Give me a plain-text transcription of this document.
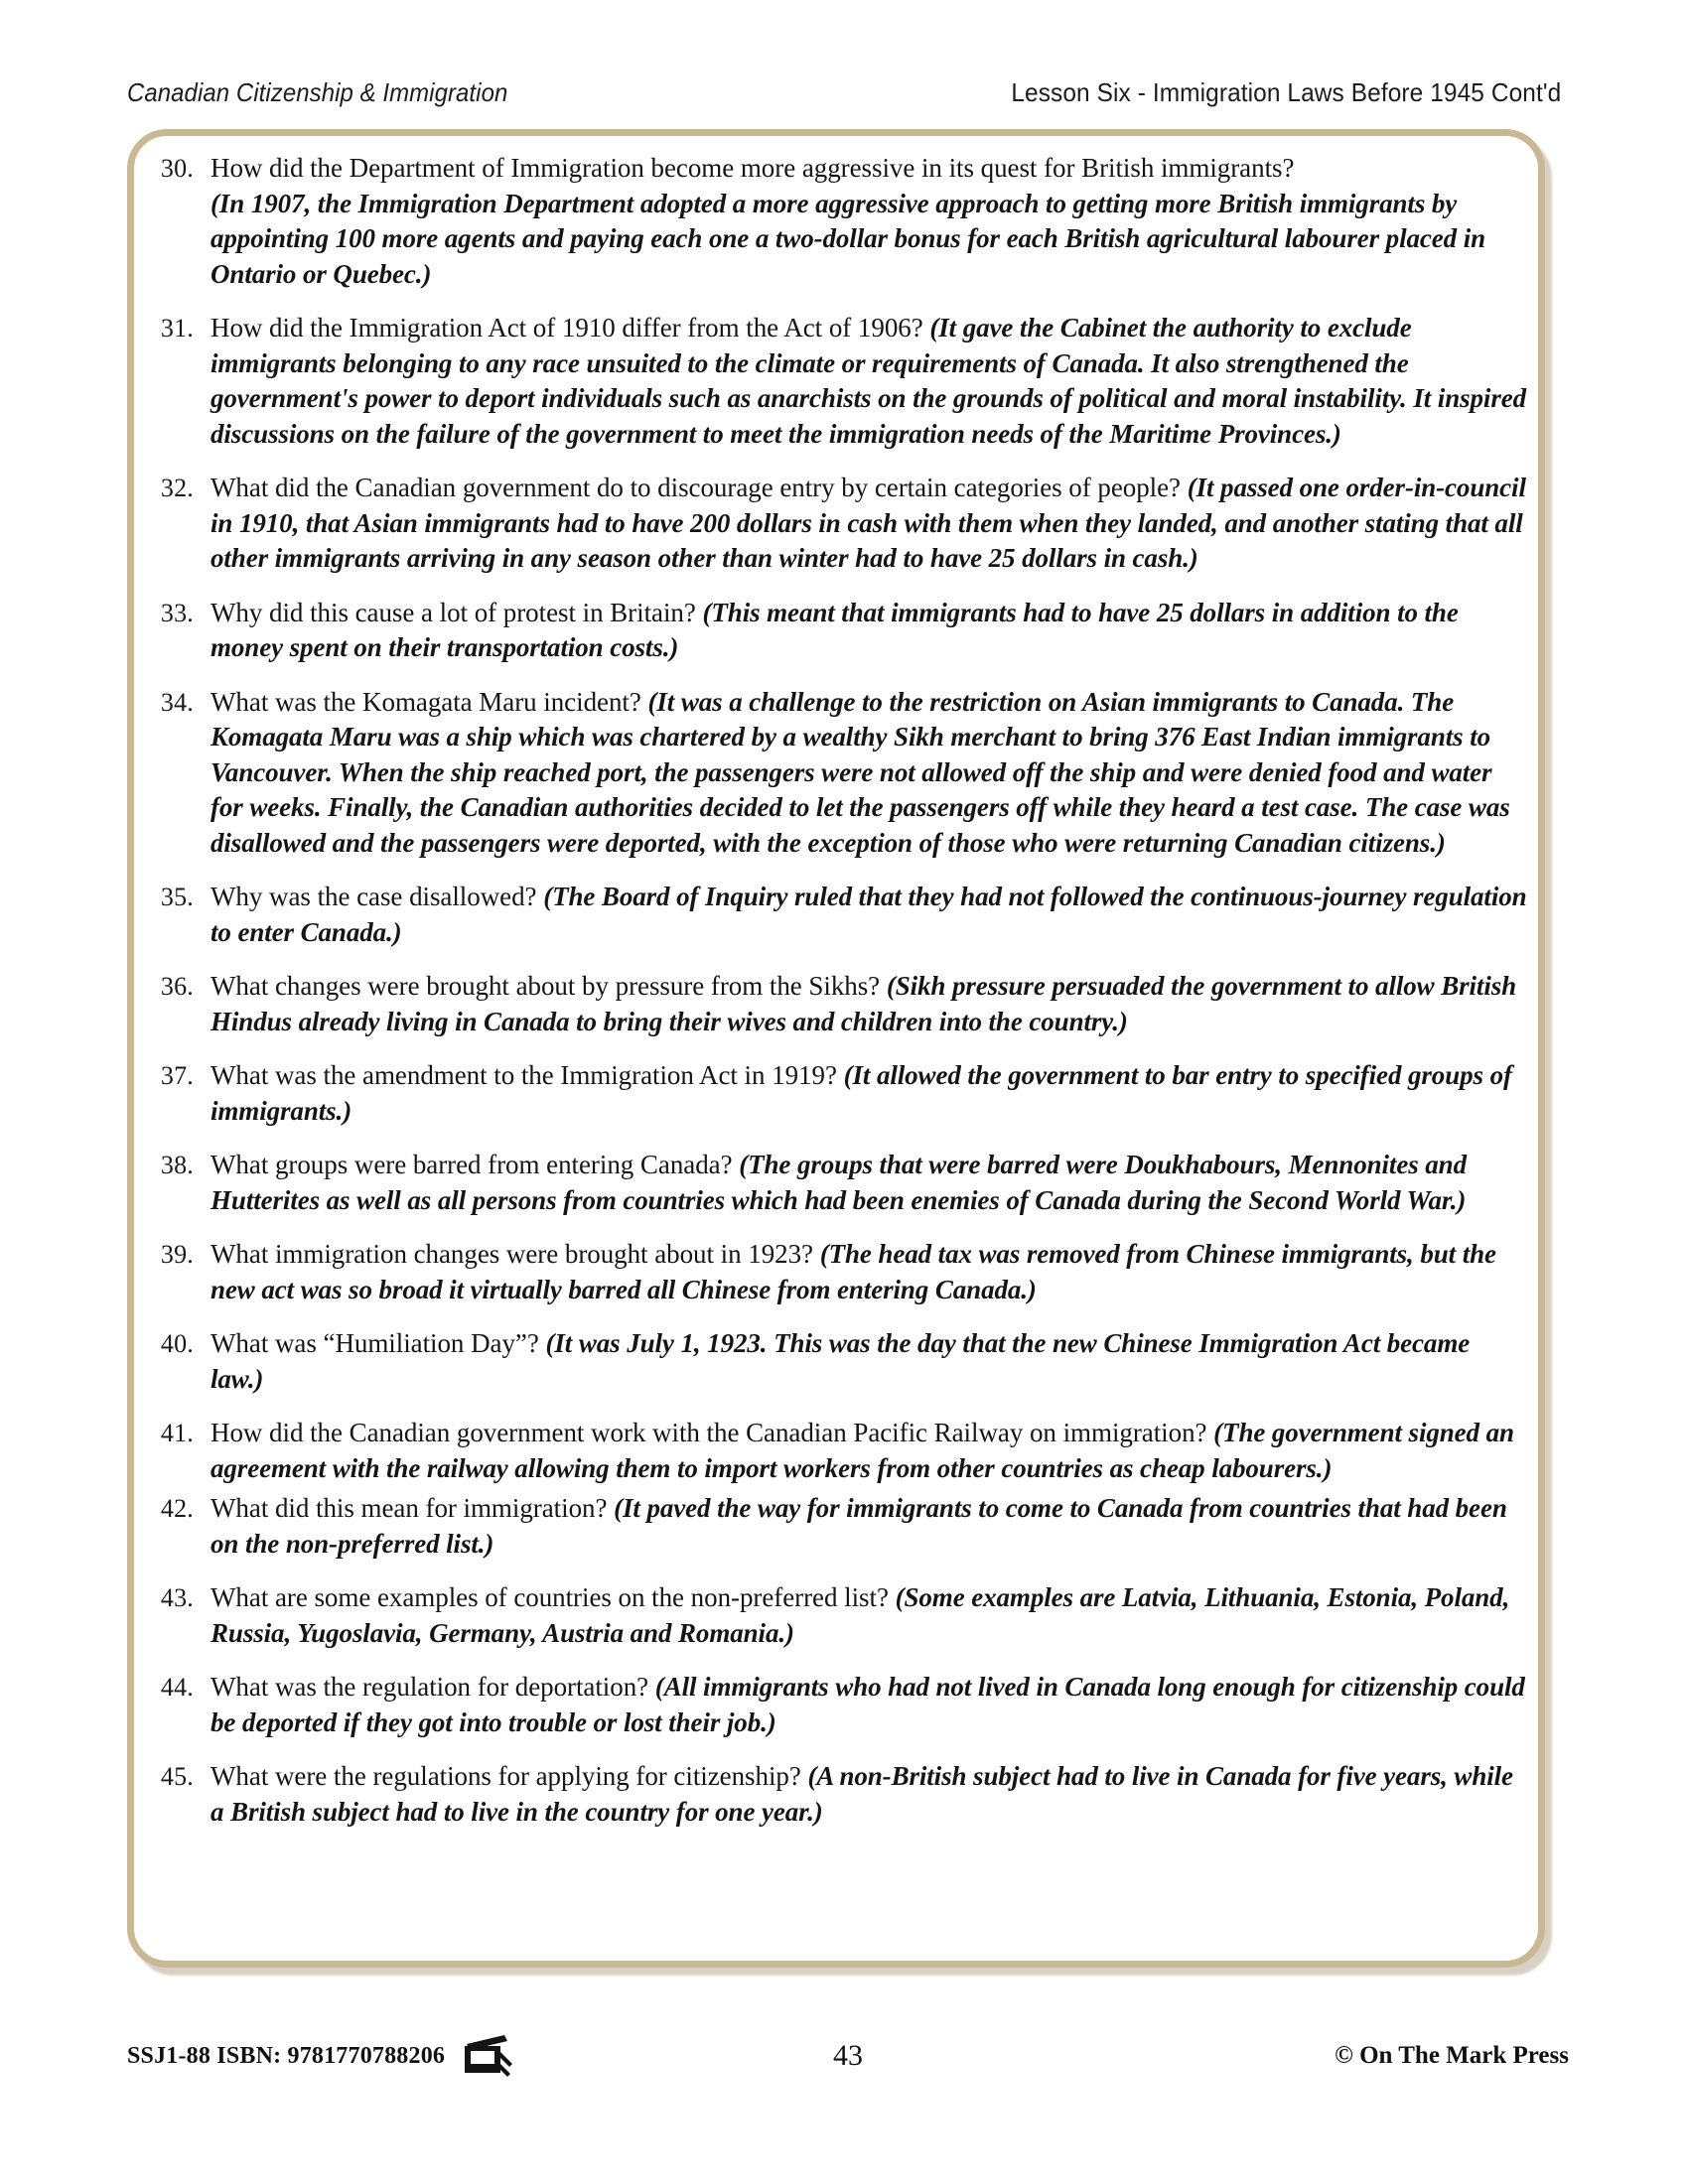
Canadian Citizenship & Immigration	Lesson Six - Immigration Laws Before 1945 Cont'd
30. How did the Department of Immigration become more aggressive in its quest for British immigrants?
(In 1907, the Immigration Department adopted a more aggressive approach to getting more British immigrants by appointing 100 more agents and paying each one a two-dollar bonus for each British agricultural labourer placed in Ontario or Quebec.)
31. How did the Immigration Act of 1910 differ from the Act of 1906? (It gave the Cabinet the authority to exclude immigrants belonging to any race unsuited to the climate or requirements of Canada. It also strengthened the government's power to deport individuals such as anarchists on the grounds of political and moral instability. It inspired discussions on the failure of the government to meet the immigration needs of the Maritime Provinces.)
32. What did the Canadian government do to discourage entry by certain categories of people? (It passed one order-in-council in 1910, that Asian immigrants had to have 200 dollars in cash with them when they landed, and another stating that all other immigrants arriving in any season other than winter had to have 25 dollars in cash.)
33. Why did this cause a lot of protest in Britain? (This meant that immigrants had to have 25 dollars in addition to the money spent on their transportation costs.)
34. What was the Komagata Maru incident? (It was a challenge to the restriction on Asian immigrants to Canada. The Komagata Maru was a ship which was chartered by a wealthy Sikh merchant to bring 376 East Indian immigrants to Vancouver. When the ship reached port, the passengers were not allowed off the ship and were denied food and water for weeks. Finally, the Canadian authorities decided to let the passengers off while they heard a test case. The case was disallowed and the passengers were deported, with the exception of those who were returning Canadian citizens.)
35. Why was the case disallowed? (The Board of Inquiry ruled that they had not followed the continuous-journey regulation to enter Canada.)
36. What changes were brought about by pressure from the Sikhs? (Sikh pressure persuaded the government to allow British Hindus already living in Canada to bring their wives and children into the country.)
37. What was the amendment to the Immigration Act in 1919? (It allowed the government to bar entry to specified groups of immigrants.)
38. What groups were barred from entering Canada? (The groups that were barred were Doukhabours, Mennonites and Hutterites as well as all persons from countries which had been enemies of Canada during the Second World War.)
39. What immigration changes were brought about in 1923? (The head tax was removed from Chinese immigrants, but the new act was so broad it virtually barred all Chinese from entering Canada.)
40. What was “Humiliation Day”? (It was July 1, 1923. This was the day that the new Chinese Immigration Act became law.)
41. How did the Canadian government work with the Canadian Pacific Railway on immigration? (The government signed an agreement with the railway allowing them to import workers from other countries as cheap labourers.)
42. What did this mean for immigration? (It paved the way for immigrants to come to Canada from countries that had been on the non-preferred list.)
43. What are some examples of countries on the non-preferred list? (Some examples are Latvia, Lithuania, Estonia, Poland, Russia, Yugoslavia, Germany, Austria and Romania.)
44. What was the regulation for deportation? (All immigrants who had not lived in Canada long enough for citizenship could be deported if they got into trouble or lost their job.)
45. What were the regulations for applying for citizenship? (A non-British subject had to live in Canada for five years, while a British subject had to live in the country for one year.)
SSJ1-88 ISBN: 9781770788206	43	© On The Mark Press
